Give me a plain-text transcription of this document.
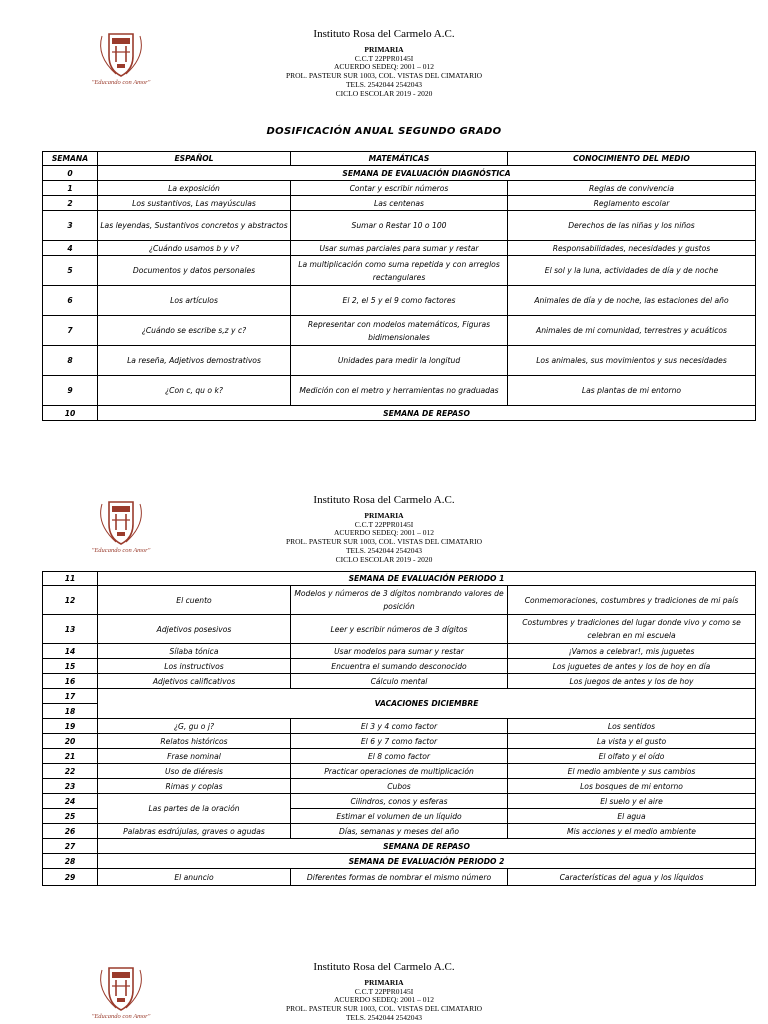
"Educando con Amor"
Instituto Rosa del Carmelo A.C.
PRIMARIA
C.C.T 22PPR0145I
ACUERDO SEDEQ: 2001 – 012
PROL. PASTEUR SUR 1003, COL. VISTAS DEL CIMATARIO
TELS. 2542044 2542043
CICLO ESCOLAR 2019 - 2020
DOSIFICACIÓN ANUAL SEGUNDO GRADO
SEMANA	ESPAÑOL	MATEMÁTICAS	CONOCIMIENTO DEL MEDIO
0	SEMANA DE EVALUACIÓN DIAGNÓSTICA		
1	La exposición	Contar y escribir números	Reglas de convivencia
2	Los sustantivos, Las mayúsculas	Las centenas	Reglamento escolar
3	Las leyendas, Sustantivos concretos y abstractos	Sumar o Restar 10 o 100	Derechos de las niñas y los niños
4	¿Cuándo usamos b y v?	Usar sumas parciales para sumar y restar	Responsabilidades, necesidades y gustos
5	Documentos y datos personales	La multiplicación como suma repetida y con arreglos rectangulares	El sol y la luna, actividades de día y de noche
6	Los artículos	El 2, el 5 y el 9 como factores	Animales de día y de noche, las estaciones del año
7	¿Cuándo se escribe s,z y c?	Representar con modelos matemáticos, Figuras bidimensionales	Animales de mi comunidad, terrestres y acuáticos
8	La reseña, Adjetivos demostrativos	Unidades para medir la longitud	Los animales, sus movimientos y sus necesidades
9	¿Con c, qu o k?	Medición con el metro y herramientas no graduadas	Las plantas de mi entorno
10	SEMANA DE REPASO		
"Educando con Amor"
Instituto Rosa del Carmelo A.C.
PRIMARIA
C.C.T 22PPR0145I
ACUERDO SEDEQ: 2001 – 012
PROL. PASTEUR SUR 1003, COL. VISTAS DEL CIMATARIO
TELS. 2542044 2542043
CICLO ESCOLAR 2019 - 2020
11	SEMANA DE EVALUACIÓN PERIODO 1		
12	El cuento	Modelos y números de 3 dígitos nombrando valores de posición	Conmemoraciones, costumbres y tradiciones de mi país
13	Adjetivos posesivos	Leer y escribir números de 3 dígitos	Costumbres y tradiciones del lugar donde vivo y como se celebran en mi escuela
14	Sílaba tónica	Usar modelos para sumar y restar	¡Vamos a celebrar!, mis juguetes
15	Los instructivos	Encuentra el sumando desconocido	Los juguetes de antes y los de hoy en día
16	Adjetivos calificativos	Cálculo mental	Los juegos de antes y los de hoy
17	VACACIONES DICIEMBRE		
18			
19	¿G, gu o j?	El 3 y 4 como factor	Los sentidos
20	Relatos históricos	El 6 y 7 como factor	La vista y el gusto
21	Frase nominal	El 8 como factor	El olfato y el oído
22	Uso de diéresis	Practicar operaciones de multiplicación	El medio ambiente y sus cambios
23	Rimas y coplas	Cubos	Los bosques de mi entorno
24	Las partes de la oración	Cilindros, conos y esferas	El suelo y el aire
25		Estimar el volumen de un líquido	El agua
26	Palabras esdrújulas, graves o agudas	Días, semanas y meses del año	Mis acciones y el medio ambiente
27	SEMANA DE REPASO		
28	SEMANA DE EVALUACIÓN PERIODO 2		
29	El anuncio	Diferentes formas de nombrar el mismo número	Características del agua y los líquidos
"Educando con Amor"
Instituto Rosa del Carmelo A.C.
PRIMARIA
C.C.T 22PPR0145I
ACUERDO SEDEQ: 2001 – 012
PROL. PASTEUR SUR 1003, COL. VISTAS DEL CIMATARIO
TELS. 2542044 2542043
